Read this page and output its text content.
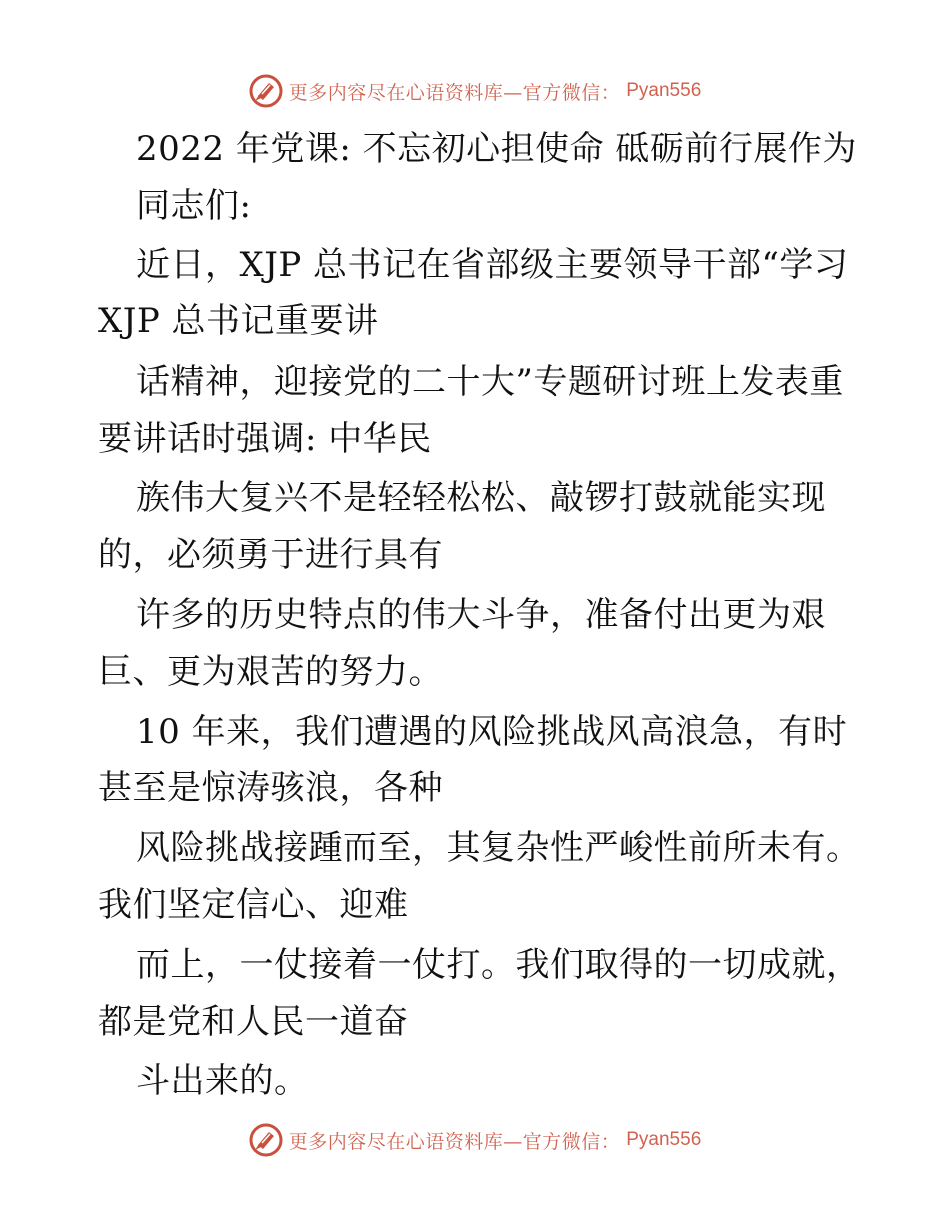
更多内容尽在心语资料库—官方微信： Pyan556
2022 年党课: 不忘初心担使命 砥砺前行展作为
同志们:
近日，XJP 总书记在省部级主要领导干部“学习
XJP 总书记重要讲
话精神，迎接党的二十大”专题研讨班上发表重
要讲话时强调: 中华民
族伟大复兴不是轻轻松松、敲锣打鼓就能实现
的，必须勇于进行具有
许多的历史特点的伟大斗争，准备付出更为艰
巨、更为艰苦的努力。
10 年来，我们遭遇的风险挑战风高浪急，有时
甚至是惊涛骇浪，各种
风险挑战接踵而至，其复杂性严峻性前所未有。
我们坚定信心、迎难
而上，一仗接着一仗打。我们取得的一切成就，
都是党和人民一道奋
斗出来的。
更多内容尽在心语资料库—官方微信： Pyan556
